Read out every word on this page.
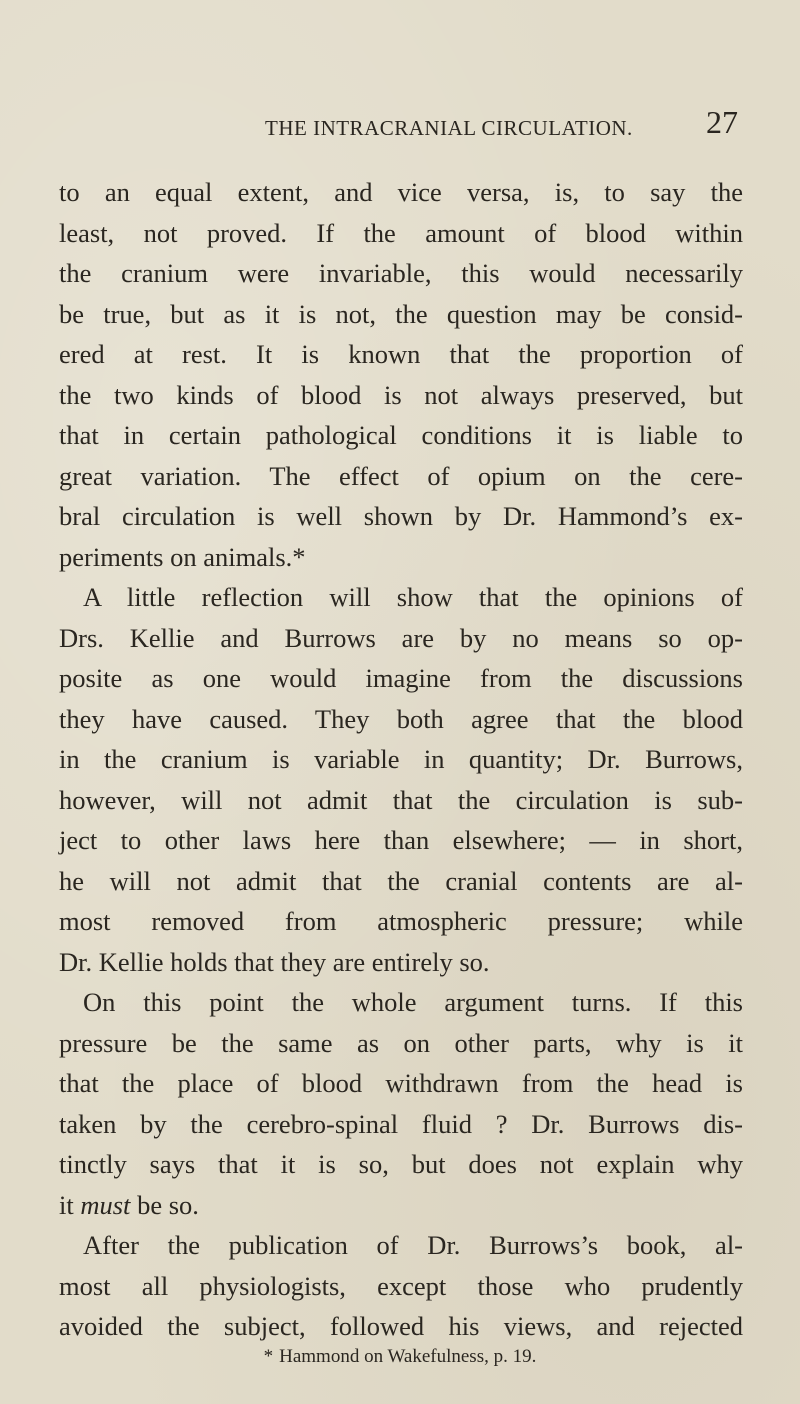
THE INTRACRANIAL CIRCULATION. 27
to an equal extent, and vice versa, is, to say the
least, not proved. If the amount of blood within
the cranium were invariable, this would necessarily
be true, but as it is not, the question may be consid-
ered at rest. It is known that the proportion of
the two kinds of blood is not always preserved, but
that in certain pathological conditions it is liable to
great variation. The effect of opium on the cere-
bral circulation is well shown by Dr. Hammond’s ex-
periments on animals.*
A little reflection will show that the opinions of
Drs. Kellie and Burrows are by no means so op-
posite as one would imagine from the discussions
they have caused. They both agree that the blood
in the cranium is variable in quantity; Dr. Burrows,
however, will not admit that the circulation is sub-
ject to other laws here than elsewhere; — in short,
he will not admit that the cranial contents are al-
most removed from atmospheric pressure; while
Dr. Kellie holds that they are entirely so.
On this point the whole argument turns. If this
pressure be the same as on other parts, why is it
that the place of blood withdrawn from the head is
taken by the cerebro-spinal fluid ? Dr. Burrows dis-
tinctly says that it is so, but does not explain why
it must be so.
After the publication of Dr. Burrows’s book, al-
most all physiologists, except those who prudently
avoided the subject, followed his views, and rejected
* Hammond on Wakefulness, p. 19.
